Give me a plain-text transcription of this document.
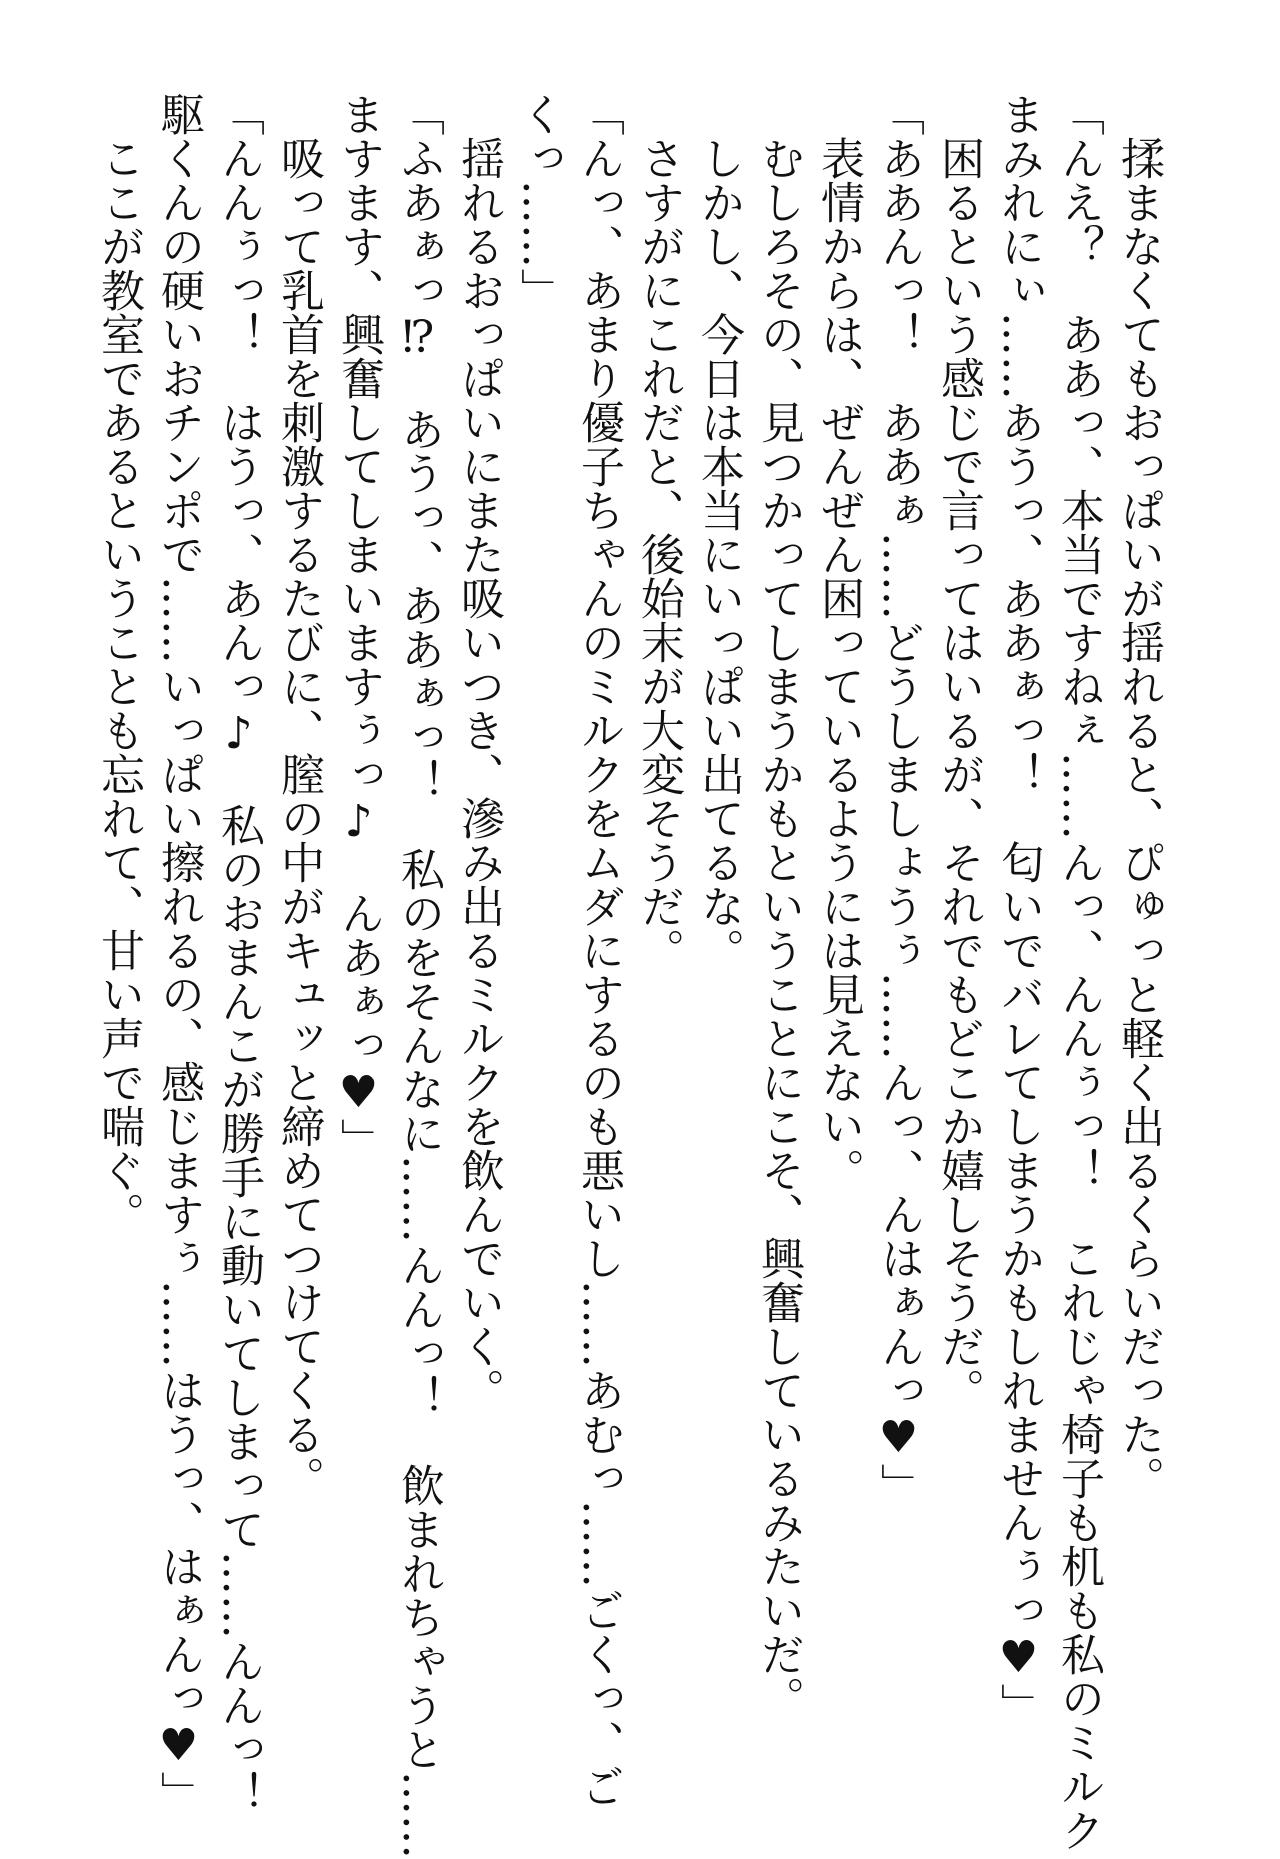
　揉まなくてもおっぱいが揺れると、ぴゅっと軽く出るくらいだった。

「んえ？　ああっ、本当ですねぇ……んっ、んんぅっ！　これじゃ椅子も机も私のミルク

まみれにぃ……あうっ、ああぁっ！　匂いでバレてしまうかもしれませんぅっ♥」

　困るという感じで言ってはいるが、それでもどこか嬉しそうだ。

「ああんっ！　ああぁ……どうしましょうぅ……んっ、んはぁんっ♥」

　表情からは、ぜんぜん困っているようには見えない。

　むしろその、見つかってしまうかもということにこそ、興奮しているみたいだ。

　しかし、今日は本当にいっぱい出てるな。

　さすがにこれだと、後始末が大変そうだ。

「んっ、あまり優子ちゃんのミルクをムダにするのも悪いし……あむっ……ごくっ、ご

くっ……」

　揺れるおっぱいにまた吸いつき、滲み出るミルクを飲んでいく。

「ふあぁっ⁉　あうっ、ああぁっ！　私のをそんなに……んんっ！　飲まれちゃうと……

ますます、興奮してしまいますぅっ♪　んあぁっ♥」

　吸って乳首を刺激するたびに、膣の中がキュッと締めてつけてくる。

「んんぅっ！　はうっ、あんっ♪　私のおまんこが勝手に動いてしまって……んんっ！

駆くんの硬いおチンポで……いっぱい擦れるの、感じますぅ……はうっ、はぁんっ♥」

　ここが教室であるということも忘れて、甘い声で喘ぐ。
